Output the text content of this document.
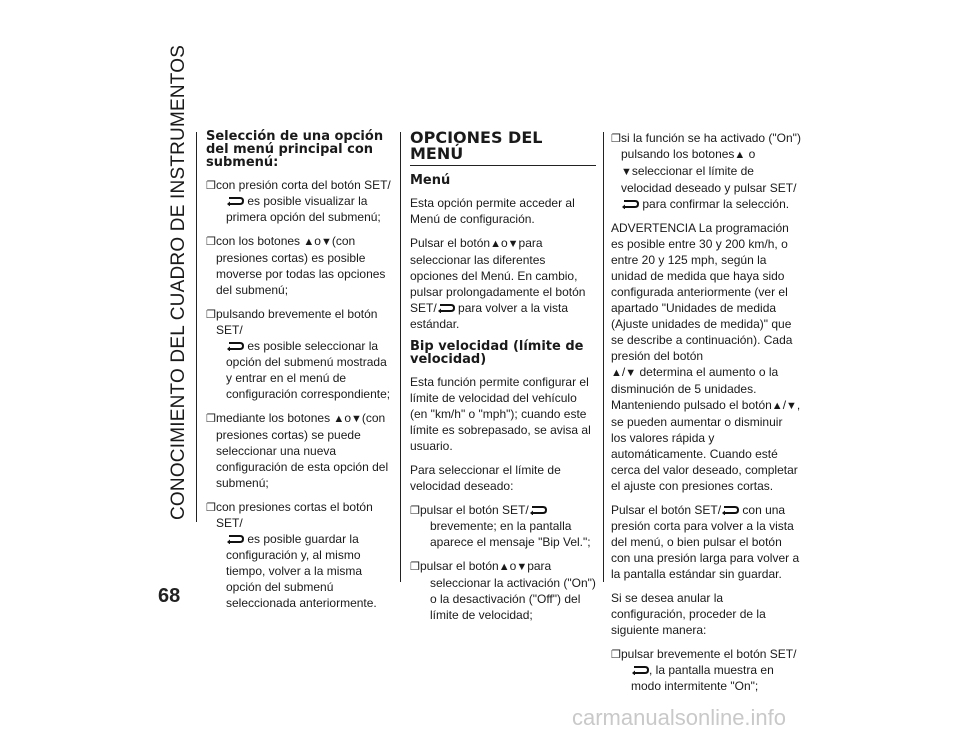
CONOCIMIENTO DEL CUADRO DE INSTRUMENTOS
68

Selección de una opción del menú principal con submenú:

❐ con presión corta del botón SET/

es posible visualizar la primera opción del submenú;
❐ con los botones ▲o▼(con presiones cortas) es posible moverse por todas las opciones del submenú;
❐ pulsando brevemente el botón SET/

es posible seleccionar la opción del submenú mostrada y entrar en el menú de configuración correspondiente;
❐ mediante los botones ▲o▼(con presiones cortas) se puede seleccionar una nueva configuración de esta opción del submenú;
❐ con presiones cortas el botón SET/

es posible guardar la configuración y, al mismo tiempo, volver a la misma opción del submenú seleccionada anteriormente.

OPCIONES DEL MENÚ

Menú

Esta opción permite acceder al Menú de configuración.

Pulsar el botón▲o▼para seleccionar las diferentes opciones del Menú. En cambio, pulsar prolongadamente el botón SET/ para volver a la vista estándar.

Bip velocidad (límite de velocidad)

Esta función permite configurar el límite de velocidad del vehículo (en "km/h" o "mph"); cuando este límite es sobrepasado, se avisa al usuario.

Para seleccionar el límite de velocidad deseado:

❐ pulsar el botón SET/

brevemente; en la pantalla aparece el mensaje "Bip Vel.";
❐ pulsar el botón▲o▼para

seleccionar la activación ("On") o la desactivación ("Off") del límite de velocidad;
❐ si la función se ha activado ("On") pulsando los botones▲ o
▼seleccionar el límite de velocidad deseado y pulsar SET/ para confirmar la selección.

ADVERTENCIA La programación es posible entre 30 y 200 km/h, o entre 20 y 125 mph, según la unidad de medida que haya sido configurada anteriormente (ver el apartado "Unidades de medida (Ajuste unidades de medida)" que se describe a continuación). Cada presión del botón
▲/▼ determina el aumento o la disminución de 5 unidades. Manteniendo pulsado el botón▲/▼, se pueden aumentar o disminuir los valores rápida y automáticamente. Cuando esté cerca del valor deseado, completar el ajuste con presiones cortas.

Pulsar el botón SET/ con una presión corta para volver a la vista del menú, o bien pulsar el botón con una presión larga para volver a la pantalla estándar sin guardar.

Si se desea anular la configuración, proceder de la siguiente manera:

❐ pulsar brevemente el botón SET/

, la pantalla muestra en modo intermitente "On";
carmanualsonline.info
